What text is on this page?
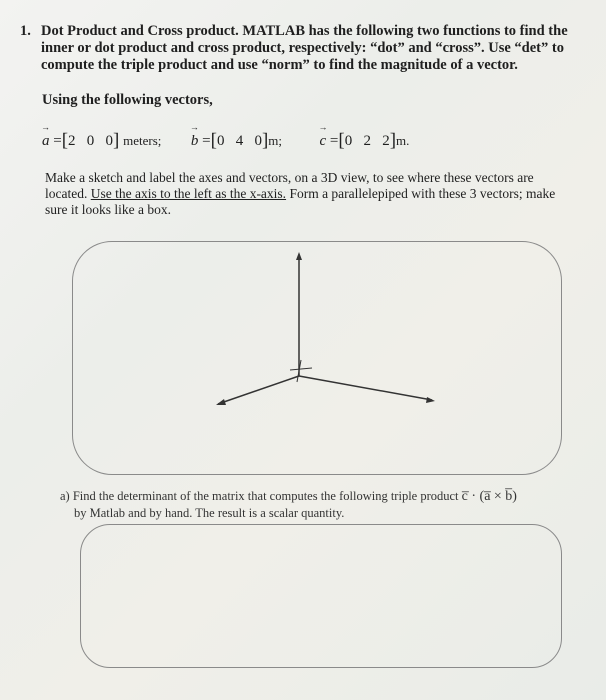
1. Dot Product and Cross product. MATLAB has the following two functions to find the inner or dot product and cross product, respectively: “dot” and “cross”. Use “det” to compute the triple product and use “norm” to find the magnitude of a vector.
Using the following vectors,
→ a =[2   0   0] meters; → b =[0   4   0]m;	→ c =[0   2   2]m.
Make a sketch and label the axes and vectors, on a 3D view, to see where these vectors are located. Use the axis to the left as the x-axis. Form a parallelepiped with these 3 vectors; make sure it looks like a box.
a) Find the determinant of the matrix that computes the following triple product c̅ · (a̅ × b̅)
by Matlab and by hand. The result is a scalar quantity.
